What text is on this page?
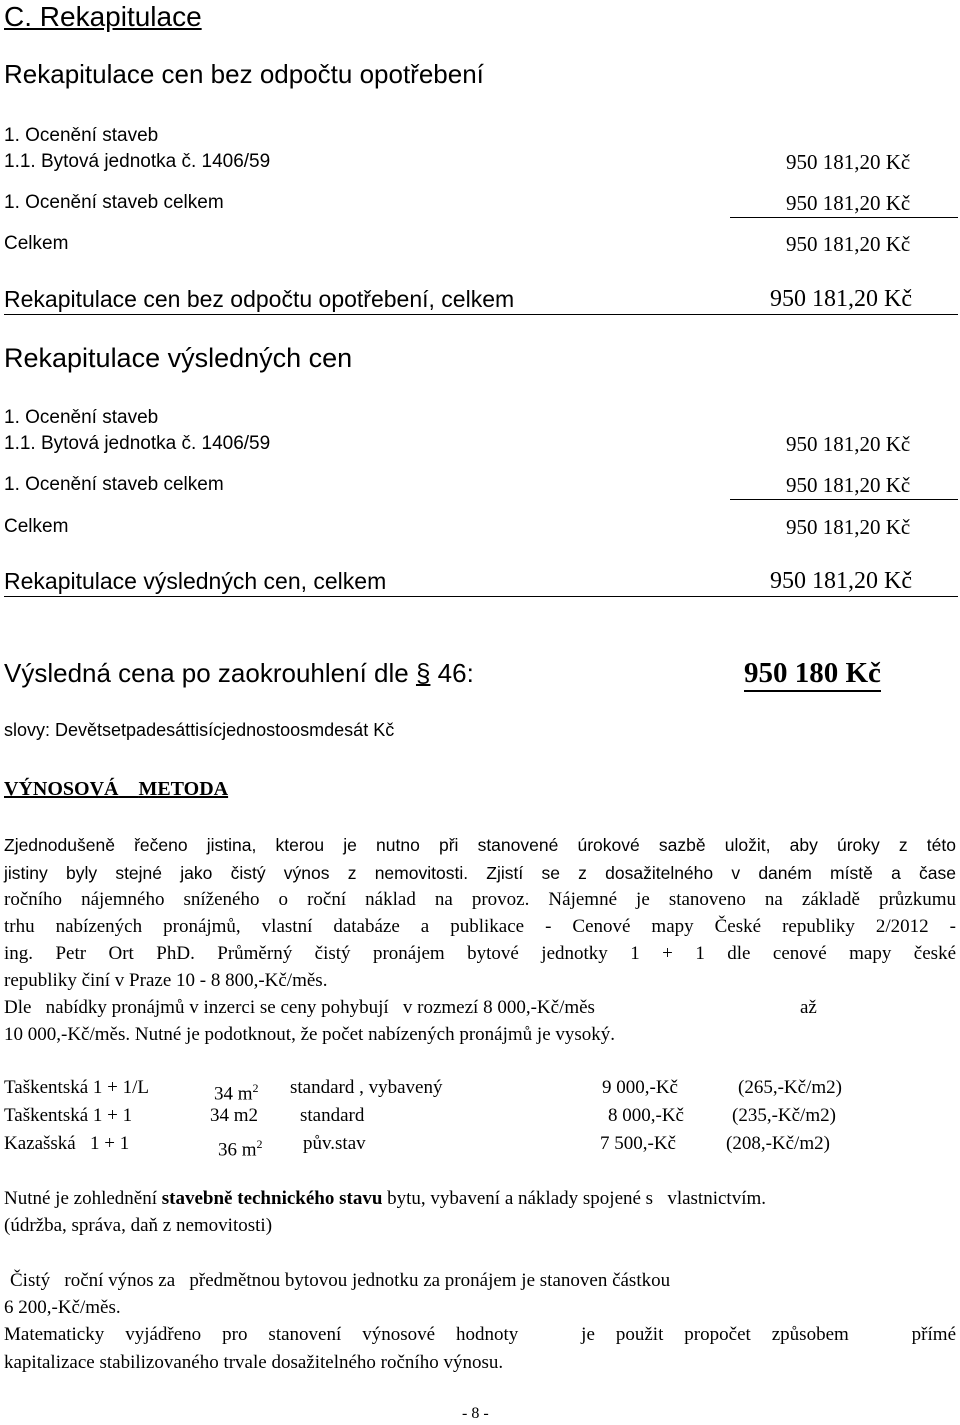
C. Rekapitulace
Rekapitulace cen bez odpočtu opotřebení
1. Ocenění staveb
1.1. Bytová jednotka č. 1406/59	950 181,20 Kč
1. Ocenění staveb celkem	950 181,20 Kč
Celkem	950 181,20 Kč
Rekapitulace cen bez odpočtu opotřebení, celkem	950 181,20 Kč
Rekapitulace výsledných cen
1. Ocenění staveb
1.1. Bytová jednotka č. 1406/59	950 181,20 Kč
1. Ocenění staveb celkem	950 181,20 Kč
Celkem	950 181,20 Kč
Rekapitulace výsledných cen, celkem	950 181,20 Kč
Výsledná cena po zaokrouhlení dle § 46:	950 180 Kč
slovy: Devětsetpadesáttisícjednostoosmdesát Kč
VÝNOSOVÁ METODA
Zjednodušeně řečeno jistina, kterou je nutno při stanovené úrokové sazbě uložit, aby úroky z této
jistiny byly stejné jako čistý výnos z nemovitosti. Zjistí se z dosažitelného v daném místě a čase
ročního nájemného sníženého o roční náklad na provoz. Nájemné je stanoveno na základě průzkumu
trhu nabízených pronájmů, vlastní databáze a publikace - Cenové mapy České republiky 2/2012 -
ing. Petr Ort PhD. Průměrný čistý pronájem bytové jednotky 1 + 1 dle cenové mapy české
republiky činí v Praze 10 - 8 800,-Kč/měs.
Dle   nabídky pronájmů v inzerci se ceny pohybují   v rozmezí 8 000,-Kč/měs	až
10 000,-Kč/měs. Nutné je podotknout, že počet nabízených pronájmů je vysoký.
Taškentská 1 + 1/L	34 $m^2$ standard , vybavený	9 000,-Kč	(265,-Kč/m2)
Taškentská 1 + 1	34 m2 standard	8 000,-Kč	(235,-Kč/m2)
Kazašská   1 + 1	36 $m^2$ pův.stav	7 500,-Kč	(208,-Kč/m2)
Nutné je zohlednění stavebně technického stavu bytu, vybavení a náklady spojené s   vlastnictvím.
(údržba, správa, daň z nemovitosti)
Čistý   roční výnos za   předmětnou bytovou jednotku za pronájem je stanoven částkou
6 200,-Kč/měs.
Matematicky vyjádřeno pro stanovení výnosové hodnoty   je použit propočet způsobem   přímé
kapitalizace stabilizovaného trvale dosažitelného ročního výnosu.
- 8 -
